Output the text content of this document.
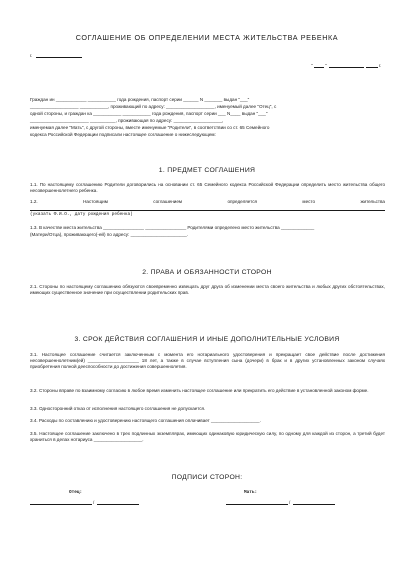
СОГЛАШЕНИЕ ОБ ОПРЕДЕЛЕНИИ МЕСТА ЖИТЕЛЬСТВА РЕБЕНКА
г.
"	"	г.
Граждан ин ____________ ___________ года рождения, паспорт серии ______ N _______ выдан "___"
___________________ ___________, проживающий по адресу: ___________________, именуемый далее "Отец", с
одной стороны, и граждан ка ___________ ___________ года рождения, паспорт серии ___ N____ выдан "___"
_______________________ __________, проживающая по адресу: ___________________,
именуемая далее "Мать", с другой стороны, вместе именуемые "Родители", в соответствии со ст. 65 Семейного
кодекса Российской Федерации подписали настоящее соглашение о нижеследующем:
1. ПРЕДМЕТ СОГЛАШЕНИЯ
1.1. По настоящему соглашению Родители договорились на основании ст. 65 Семейного кодекса Российской Федерации определить место жительства общего несовершеннолетнего ребенка.
1.2.	Настоящим	соглашением	определяется	место	жительства
(указать Ф.И.О., дату рождения ребенка)
1.3. В качестве места жительства ________________ ________________ Родителями определено место жительства _____________
(Матери/Отца), проживающего(-ей) по адресу: ______________________.
2. ПРАВА И ОБЯЗАННОСТИ СТОРОН
2.1. Стороны по настоящему соглашению обязуются своевременно извещать друг друга об изменении места своего жительства и любых других обстоятельствах, имеющих существенное значение при осуществлении родительских прав.
3. СРОК ДЕЙСТВИЯ СОГЛАШЕНИЯ И ИНЫЕ ДОПОЛНИТЕЛЬНЫЕ УСЛОВИЯ
3.1. Настоящее соглашение считается заключенным с момента его нотариального удостоверения и прекращает свое действие после достижения несовершеннолетним(ей) ____________________ 18 лет, а также в случае вступления сына (дочери) в брак и в других установленных законом случаях приобретения полной дееспособности до достижения совершеннолетия.
3.2. Стороны вправе по взаимному согласию в любое время изменить настоящее соглашение или прекратить его действие в установленной законом форме.
3.3. Односторонний отказ от исполнения настоящего соглашения не допускается.
3.4. Расходы по составлению и удостоверению настоящего соглашения оплачивает ___________________.
3.5. Настоящее соглашение заключено в трех подлинных экземплярах, имеющих одинаковую юридическую силу, по одному для каждой из сторон, а третий будет храниться в делах нотариуса ___________________.
ПОДПИСИ СТОРОН:
Отец:	Мать:
/	/
